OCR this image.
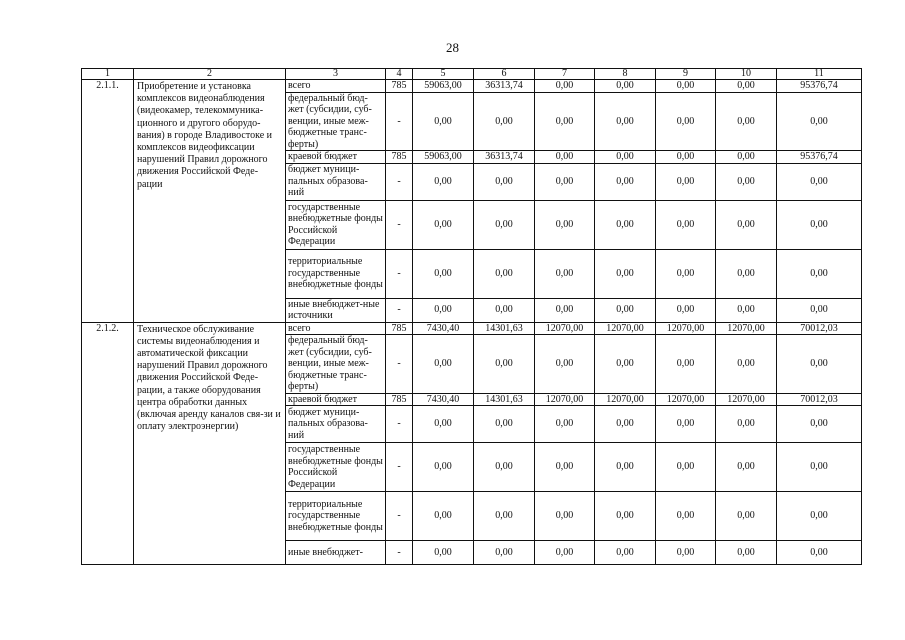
28
1	2	3	4	5	6	7	8	9	10	11
2.1.1.	Приобретение и установка комплексов видеонаблюдения (видеокамер, телекоммуника-ционного и другого оборудо-вания) в городе Владивостоке и комплексов видеофиксации нарушений Правил дорожного движения Российской Феде-рации	всего	785	59063,00	36313,74	0,00	0,00	0,00	0,00	95376,74
		федеральный бюд-жет (субсидии, суб-венции, иные меж-бюджетные транс-ферты)	-	0,00	0,00	0,00	0,00	0,00	0,00	0,00
		краевой бюджет	785	59063,00	36313,74	0,00	0,00	0,00	0,00	95376,74
		бюджет муници-пальных образова-ний	-	0,00	0,00	0,00	0,00	0,00	0,00	0,00
		государственные внебюджетные фонды Российской Федерации	-	0,00	0,00	0,00	0,00	0,00	0,00	0,00
		территориальные государственные внебюджетные фонды	-	0,00	0,00	0,00	0,00	0,00	0,00	0,00
		иные внебюджет-ные источники	-	0,00	0,00	0,00	0,00	0,00	0,00	0,00
2.1.2.	Техническое обслуживание системы видеонаблюдения и автоматической фиксации нарушений Правил дорожного движения Российской Феде-рации, а также оборудования центра обработки данных (включая аренду каналов свя-зи и оплату электроэнергии)	всего	785	7430,40	14301,63	12070,00	12070,00	12070,00	12070,00	70012,03
		федеральный бюд-жет (субсидии, суб-венции, иные меж-бюджетные транс-ферты)	-	0,00	0,00	0,00	0,00	0,00	0,00	0,00
		краевой бюджет	785	7430,40	14301,63	12070,00	12070,00	12070,00	12070,00	70012,03
		бюджет муници-пальных образова-ний	-	0,00	0,00	0,00	0,00	0,00	0,00	0,00
		государственные внебюджетные фонды Российской Федерации	-	0,00	0,00	0,00	0,00	0,00	0,00	0,00
		территориальные государственные внебюджетные фонды	-	0,00	0,00	0,00	0,00	0,00	0,00	0,00
		иные внебюджет-	-	0,00	0,00	0,00	0,00	0,00	0,00	0,00
